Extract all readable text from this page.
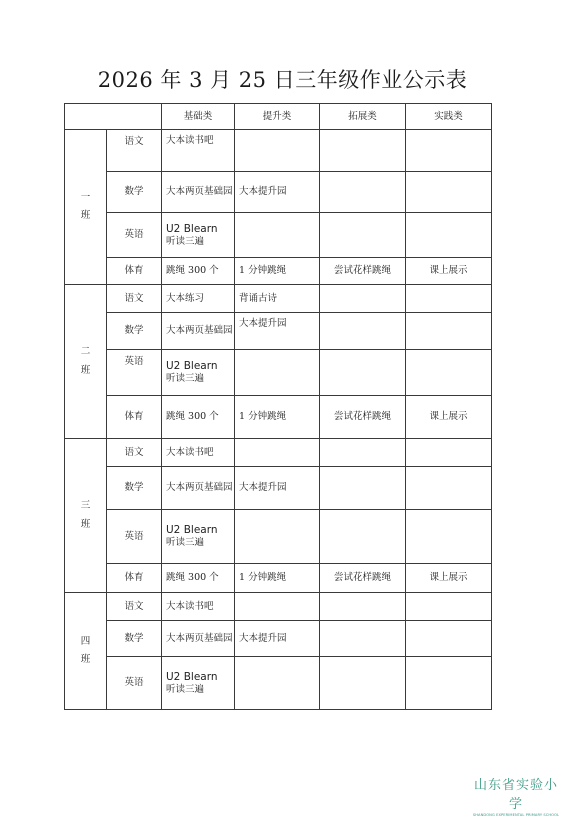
2026 年 3 月 25 日三年级作业公示表
		基础类	提升类	拓展类	实践类

一
班	语文	大本读书吧			
	数学	大本两页基础园	大本提升园		
	英语	U2 Blearn
听读三遍			

	体育	跳绳 300 个	1 分钟跳绳	尝试花样跳绳	课上展示

二
班	语文	大本练习	背诵古诗		
	数学	大本两页基础园	大本提升园		
	英语	U2 Blearn
听读三遍			

	体育	跳绳 300 个	1 分钟跳绳	尝试花样跳绳	课上展示

三
班	语文	大本读书吧			
	数学	大本两页基础园	大本提升园		
	英语	U2 Blearn
听读三遍			

	体育	跳绳 300 个	1 分钟跳绳	尝试花样跳绳	课上展示

四
班	语文	大本读书吧			
	数学	大本两页基础园	大本提升园		
	英语	U2 Blearn
听读三遍			

山东省实验小学
SHANDONG EXPERIMENTAL PRIMARY SCHOOL
